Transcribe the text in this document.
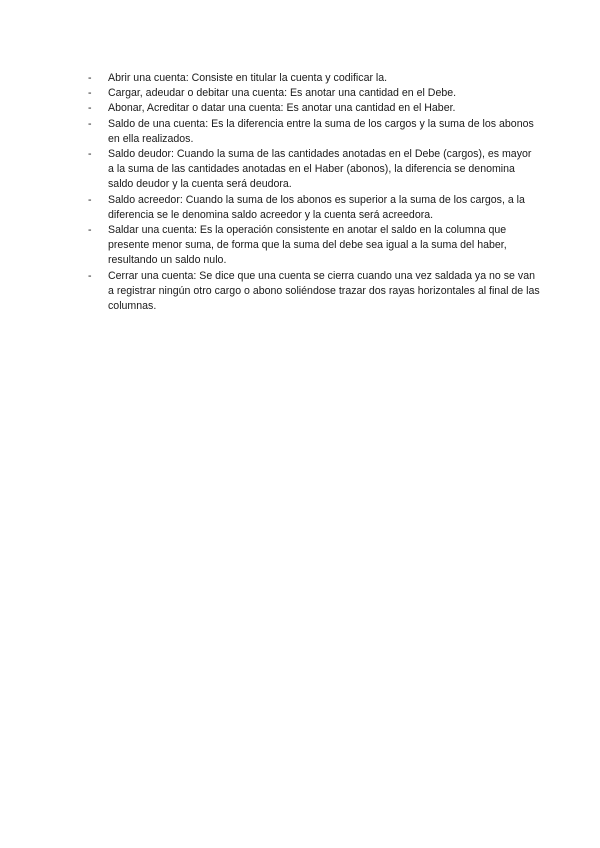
- Abrir una cuenta: Consiste en titular la cuenta y codificar la.
- Cargar, adeudar o debitar una cuenta: Es anotar una cantidad en el Debe.
- Abonar, Acreditar o datar una cuenta: Es anotar una cantidad en el Haber.
- Saldo de una cuenta: Es la diferencia entre la suma de los cargos y la suma de los abonos en ella realizados.
- Saldo deudor: Cuando la suma de las cantidades anotadas en el Debe (cargos), es mayor a la suma de las cantidades anotadas en el Haber (abonos), la diferencia se denomina saldo deudor y la cuenta será deudora.
- Saldo acreedor: Cuando la suma de los abonos es superior a la suma de los cargos, a la diferencia se le denomina saldo acreedor y la cuenta será acreedora.
- Saldar una cuenta: Es la operación consistente en anotar el saldo en la columna que presente menor suma, de forma que la suma del debe sea igual a la suma del haber, resultando un saldo nulo.
- Cerrar una cuenta: Se dice que una cuenta se cierra cuando una vez saldada ya no se van a registrar ningún otro cargo o abono soliéndose trazar dos rayas horizontales al final de las columnas.
